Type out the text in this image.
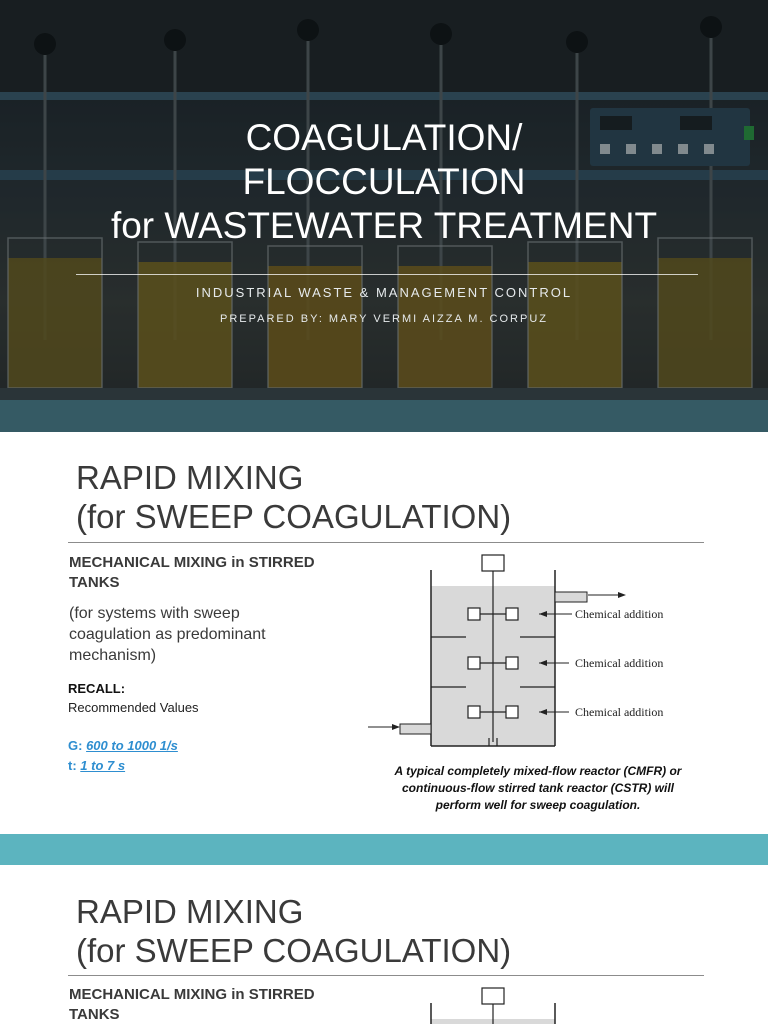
COAGULATION/
FLOCCULATION
for WASTEWATER TREATMENT
INDUSTRIAL WASTE & MANAGEMENT CONTROL
PREPARED BY: MARY VERMI AIZZA M. CORPUZ
RAPID MIXING
(for SWEEP COAGULATION)
MECHANICAL MIXING in STIRRED
TANKS
(for systems with sweep
coagulation as predominant
mechanism)
RECALL:
Recommended Values
G: 600 to 1000 1/s
t: 1 to 7 s
Chemical addition
Chemical addition
Chemical addition
A typical completely mixed-flow reactor (CMFR) or
continuous-flow stirred tank reactor (CSTR) will
perform well for sweep coagulation.
RAPID MIXING
(for SWEEP COAGULATION)
MECHANICAL MIXING in STIRRED
TANKS
